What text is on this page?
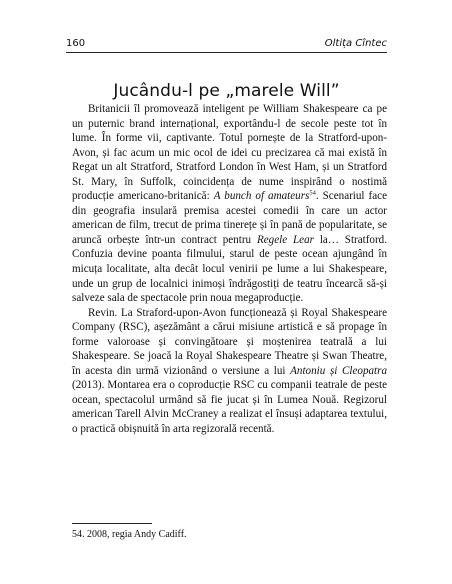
160	Oltița Cîntec
Jucându-l pe „marele Will”

Britanicii îl promovează inteligent pe William Shakespeare ca pe un puternic brand internațional, exportându-l de secole peste tot în lume. În forme vii, captivante. Totul pornește de la Stratford-upon-Avon, și fac acum un mic ocol de idei cu precizarea că mai există în Regat un alt Stratford, Stratford London în West Ham, și un Stratford St. Mary, în Suffolk, coincidența de nume inspirând o nostimă producție americano-britanică: A bunch of amateurs$^{54}$. Scenariul face din geografia insulară premisa acestei comedii în care un actor american de film, trecut de prima tinerețe și în pană de popularitate, se aruncă orbește într-un contract pentru Regele Lear la… Stratford. Confuzia devine poanta filmului, starul de peste ocean ajungând în micuța localitate, alta decât locul venirii pe lume a lui Shakespeare, unde un grup de localnici inimoși îndrăgostiți de teatru încearcă să-și salveze sala de spectacole prin noua megaproducție.

Revin. La Straford-upon-Avon funcționează și Royal Shakespeare Company (RSC), așezământ a cărui misiune artistică e să propage în forme valoroase și convingătoare și moștenirea teatrală a lui Shakespeare. Se joacă la Royal Shakespeare Theatre și Swan Theatre, în acesta din urmă vizionând o versiune a lui Antoniu și Cleopatra (2013). Montarea era o coproducție RSC cu companii teatrale de peste ocean, spectacolul urmând să fie jucat și în Lumea Nouă. Regizorul american Tarell Alvin McCraney a realizat el însuși adaptarea textului, o practică obișnuită în arta regizorală recentă.

54. 2008, regia Andy Cadiff.
